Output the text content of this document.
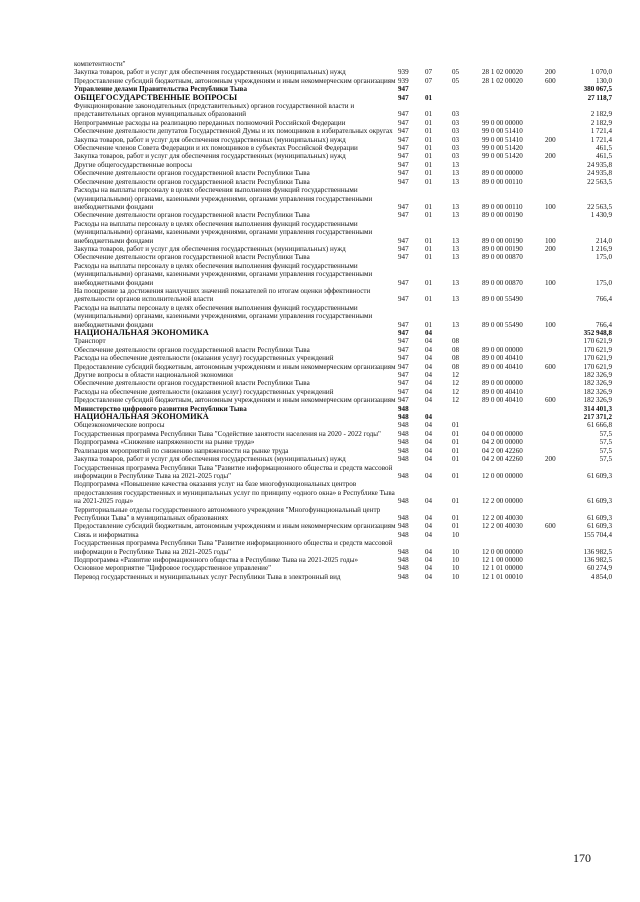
компетентности"						
Закупка товаров, работ и услуг для обеспечения государственных (муниципальных) нужд	939	07	05	28 1 02 00020	200	1 070,0
Предоставление субсидий бюджетным, автономным учреждениям и иным некоммерческим организациям	939	07	05	28 1 02 00020	600	130,0
Управление делами Правительства Республики Тыва	947					380 067,5
ОБЩЕГОСУДАРСТВЕННЫЕ ВОПРОСЫ	947	01				27 118,7
Функционирование законодательных (представительных) органов государственной власти и представительных органов муниципальных образований	947	01	03			2 182,9
Непрограммные расходы на реализацию переданных полномочий Российской Федерации	947	01	03	99 0 00 00000		2 182,9
Обеспечение деятельности депутатов Государственной Думы и их помощников в избирательных округах	947	01	03	99 0 00 51410		1 721,4
Закупка товаров, работ и услуг для обеспечения государственных (муниципальных) нужд	947	01	03	99 0 00 51410	200	1 721,4
Обеспечение членов Совета Федерации и их помощников в субъектах Российской Федерации	947	01	03	99 0 00 51420		461,5
Закупка товаров, работ и услуг для обеспечения государственных (муниципальных) нужд	947	01	03	99 0 00 51420	200	461,5
Другие общегосударственные вопросы	947	01	13			24 935,8
Обеспечение деятельности органов государственной власти Республики Тыва	947	01	13	89 0 00 00000		24 935,8
Обеспечение деятельности органов государственной власти Республики Тыва	947	01	13	89 0 00 00110		22 563,5
Расходы на выплаты персоналу в целях обеспечения выполнения функций государственными (муниципальными) органами, казенными учреждениями, органами управления государственными внебюджетными фондами	947	01	13	89 0 00 00110	100	22 563,5
Обеспечение деятельности органов государственной власти Республики Тыва	947	01	13	89 0 00 00190		1 430,9
Расходы на выплаты персоналу в целях обеспечения выполнения функций государственными (муниципальными) органами, казенными учреждениями, органами управления государственными внебюджетными фондами	947	01	13	89 0 00 00190	100	214,0
Закупка товаров, работ и услуг для обеспечения государственных (муниципальных) нужд	947	01	13	89 0 00 00190	200	1 216,9
Обеспечение деятельности органов государственной власти Республики Тыва	947	01	13	89 0 00 00870		175,0
Расходы на выплаты персоналу в целях обеспечения выполнения функций государственными (муниципальными) органами, казенными учреждениями, органами управления государственными внебюджетными фондами	947	01	13	89 0 00 00870	100	175,0
На поощрение за достижения наилучших значений показателей по итогам оценки эффективности деятельности органов исполнительной власти	947	01	13	89 0 00 55490		766,4
Расходы на выплаты персоналу в целях обеспечения выполнения функций государственными (муниципальными) органами, казенными учреждениями, органами управления государственными внебюджетными фондами	947	01	13	89 0 00 55490	100	766,4
НАЦИОНАЛЬНАЯ ЭКОНОМИКА	947	04				352 948,8
Транспорт	947	04	08			170 621,9
Обеспечение деятельности органов государственной власти Республики Тыва	947	04	08	89 0 00 00000		170 621,9
Расходы на обеспечение деятельности (оказания услуг) государственных учреждений	947	04	08	89 0 00 40410		170 621,9
Предоставление субсидий бюджетным, автономным учреждениям и иным некоммерческим организациям	947	04	08	89 0 00 40410	600	170 621,9
Другие вопросы в области национальной экономики	947	04	12			182 326,9
Обеспечение деятельности органов государственной власти Республики Тыва	947	04	12	89 0 00 00000		182 326,9
Расходы на обеспечение деятельности (оказания услуг) государственных учреждений	947	04	12	89 0 00 40410		182 326,9
Предоставление субсидий бюджетным, автономным учреждениям и иным некоммерческим организациям	947	04	12	89 0 00 40410	600	182 326,9
Министерство цифрового развития Республики Тыва	948					314 401,3
НАЦИОНАЛЬНАЯ ЭКОНОМИКА	948	04				217 371,2
Общеэкономические вопросы	948	04	01			61 666,8
Государственная программа Республики Тыва "Содействие занятости населения на 2020 - 2022 годы"	948	04	01	04 0 00 00000		57,5
Подпрограмма «Снижение напряженности на рынке труда»	948	04	01	04 2 00 00000		57,5
Реализация мероприятий по снижению напряженности на рынке труда	948	04	01	04 2 00 42260		57,5
Закупка товаров, работ и услуг для обеспечения государственных (муниципальных) нужд	948	04	01	04 2 00 42260	200	57,5
Государственная программа Республики Тыва "Развитие информационного общества и средств массовой информации в Республике Тыва на 2021-2025 годы"	948	04	01	12 0 00 00000		61 609,3
Подпрограмма «Повышение качества оказания услуг на базе многофункциональных центров предоставления государственных и муниципальных услуг по принципу «одного окна» в Республике Тыва на 2021-2025 годы»	948	04	01	12 2 00 00000		61 609,3
Территориальные отделы государственного автономного учреждения "Многофункциональный центр Республики Тыва" в муниципальных образованиях	948	04	01	12 2 00 40030		61 609,3
Предоставление субсидий бюджетным, автономным учреждениям и иным некоммерческим организациям	948	04	01	12 2 00 40030	600	61 609,3
Связь и информатика	948	04	10			155 704,4
Государственная программа Республики Тыва "Развитие информационного общества и средств массовой информации в Республике Тыва на 2021-2025 годы"	948	04	10	12 0 00 00000		136 982,5
Подпрограмма «Развитие информационного общества в Республике Тыва на 2021-2025 годы»	948	04	10	12 1 00 00000		136 982,5
Основное мероприятие "Цифровое государственное управление"	948	04	10	12 1 01 00000		60 274,9
Перевод государственных и муниципальных услуг Республики Тыва в электронный вид	948	04	10	12 1 01 00010		4 854,0
170
